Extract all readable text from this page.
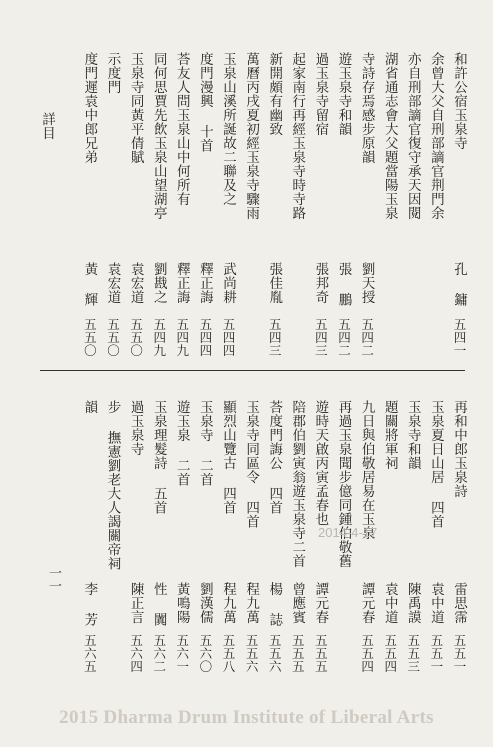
詳目	和許公宿玉泉寺
孔 鏞
五四一
余曾大父自刑部謫官荆門余
亦自刑部謫官復守承天因閱
湖省通志會大父題當陽玉泉
寺詩存焉感步原韻
劉天授
五四二
遊玉泉寺和韻
張 鵬
五四二
過玉泉寺留宿
張邦奇
五四三
起家南行再經玉泉寺時寺路
新開頗有幽致
張佳胤
五四三
萬曆丙戌夏初經玉泉寺驟雨
玉泉山溪所誕故二聯及之
武尚耕
五四四
度門漫興 十首
釋正誨
五四四
荅友人問玉泉山中何所有
釋正誨
五四九
同何思賈先飲玉泉山望湖亭
劉戡之
五四九
玉泉寺同黃平倩賦
袁宏道
五五〇
示度門
袁宏道
五五〇
度門遲袁中郎兄弟
黃 輝
五五〇
再和中郎玉泉詩
雷思霈
五五一
玉泉夏日山居 四首
袁中道
五五一
玉泉寺和韻
陳禹謨
五五三
題關將軍祠
袁中道
五五四
九日與伯敬居易在玉泉
譚元春
五五四
再過玉泉聞步億同鍾伯敬舊
遊時天啟丙寅孟春也
譚元春
五五五
陪郡伯劉寅翁遊玉泉寺二首
曾應賓
五五五
荅度門誨公 四首
楊 誌
五五六
玉泉寺同區令 四首
程九萬
五五六
顯烈山覽古 四首
程九萬
五五八
玉泉寺 二首
劉漢儒
五六〇
遊玉泉 二首
黃鳴陽
五六一
玉泉理髮詩 五首
性 闐
五六二
過玉泉寺
陳正言
五六四
步 撫憲劉老大人謁關帝祠
韻
李 芳
五六五
一一
2014-4-17
2015 Dharma Drum Institute of Liberal Arts
